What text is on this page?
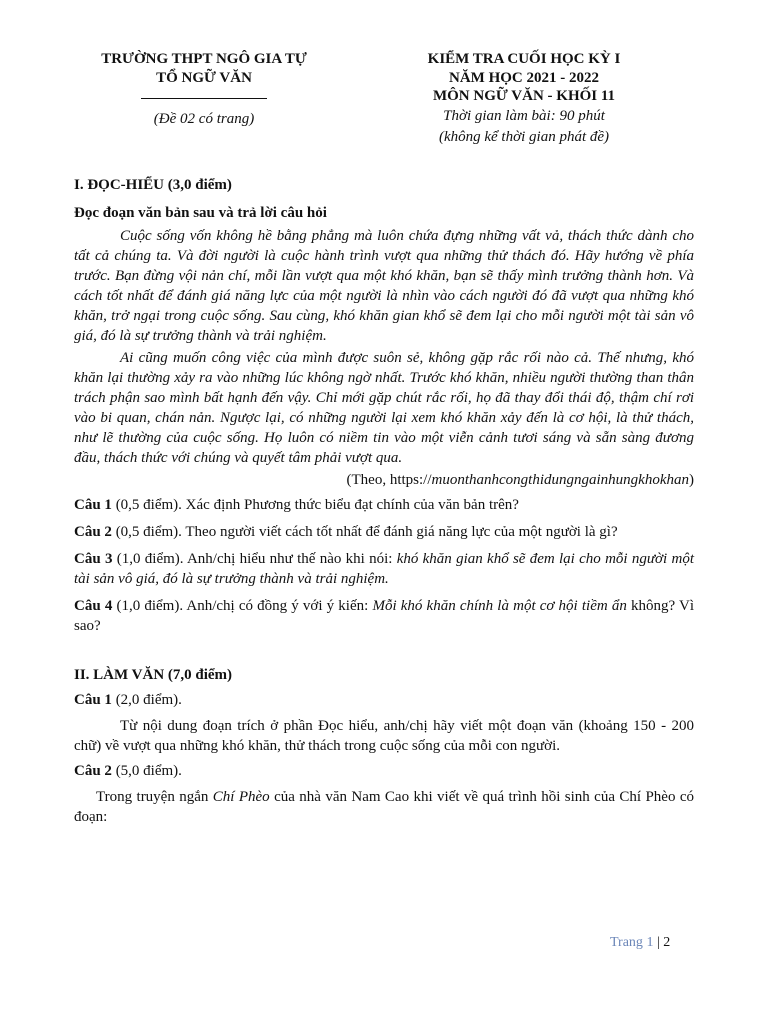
TRƯỜNG THPT NGÔ GIA TỰ
TỔ NGỮ VĂN
(Đề 02 có trang)
KIỂM TRA CUỐI HỌC KỲ I
NĂM HỌC 2021 - 2022
MÔN NGỮ VĂN - KHỐI 11
Thời gian làm bài: 90 phút
(không kể thời gian phát đề)

I. ĐỌC-HIỂU (3,0 điểm)

Đọc đoạn văn bản sau và trả lời câu hỏi

Cuộc sống vốn không hề bằng phẳng mà luôn chứa đựng những vất vả, thách thức dành cho tất cả chúng ta. Và đời người là cuộc hành trình vượt qua những thử thách đó. Hãy hướng về phía trước. Bạn đừng vội nản chí, mỗi lần vượt qua một khó khăn, bạn sẽ thấy mình trưởng thành hơn. Và cách tốt nhất để đánh giá năng lực của một người là nhìn vào cách người đó đã vượt qua những khó khăn, trở ngại trong cuộc sống. Sau cùng, khó khăn gian khổ sẽ đem lại cho mỗi người một tài sản vô giá, đó là sự trưởng thành và trải nghiệm.

Ai cũng muốn công việc của mình được suôn sẻ, không gặp rắc rối nào cả. Thế nhưng, khó khăn lại thường xảy ra vào những lúc không ngờ nhất. Trước khó khăn, nhiều người thường than thân trách phận sao mình bất hạnh đến vậy. Chỉ mới gặp chút rắc rối, họ đã thay đổi thái độ, thậm chí rơi vào bi quan, chán nản. Ngược lại, có những người lại xem khó khăn xảy đến là cơ hội, là thử thách, như lẽ thường của cuộc sống. Họ luôn có niềm tin vào một viễn cảnh tươi sáng và sẵn sàng đương đầu, thách thức với chúng và quyết tâm phải vượt qua.

(Theo, https://muonthanhcongthidungngainhungkhokhan)

Câu 1 (0,5 điểm). Xác định Phương thức biểu đạt chính của văn bản trên?

Câu 2 (0,5 điểm). Theo người viết cách tốt nhất để đánh giá năng lực của một người là gì?

Câu 3 (1,0 điểm). Anh/chị hiểu như thế nào khi nói: khó khăn gian khổ sẽ đem lại cho mỗi người một tài sản vô giá, đó là sự trưởng thành và trải nghiệm.

Câu 4 (1,0 điểm). Anh/chị có đồng ý với ý kiến: Mỗi khó khăn chính là một cơ hội tiềm ẩn không? Vì sao?

II. LÀM VĂN (7,0 điểm)

Câu 1 (2,0 điểm).

Từ nội dung đoạn trích ở phần Đọc hiểu, anh/chị hãy viết một đoạn văn (khoảng 150 - 200 chữ) về vượt qua những khó khăn, thử thách trong cuộc sống của mỗi con người.

Câu 2 (5,0 điểm).

Trong truyện ngắn Chí Phèo của nhà văn Nam Cao khi viết về quá trình hồi sinh của Chí Phèo có đoạn:

Trang 1 | 2
